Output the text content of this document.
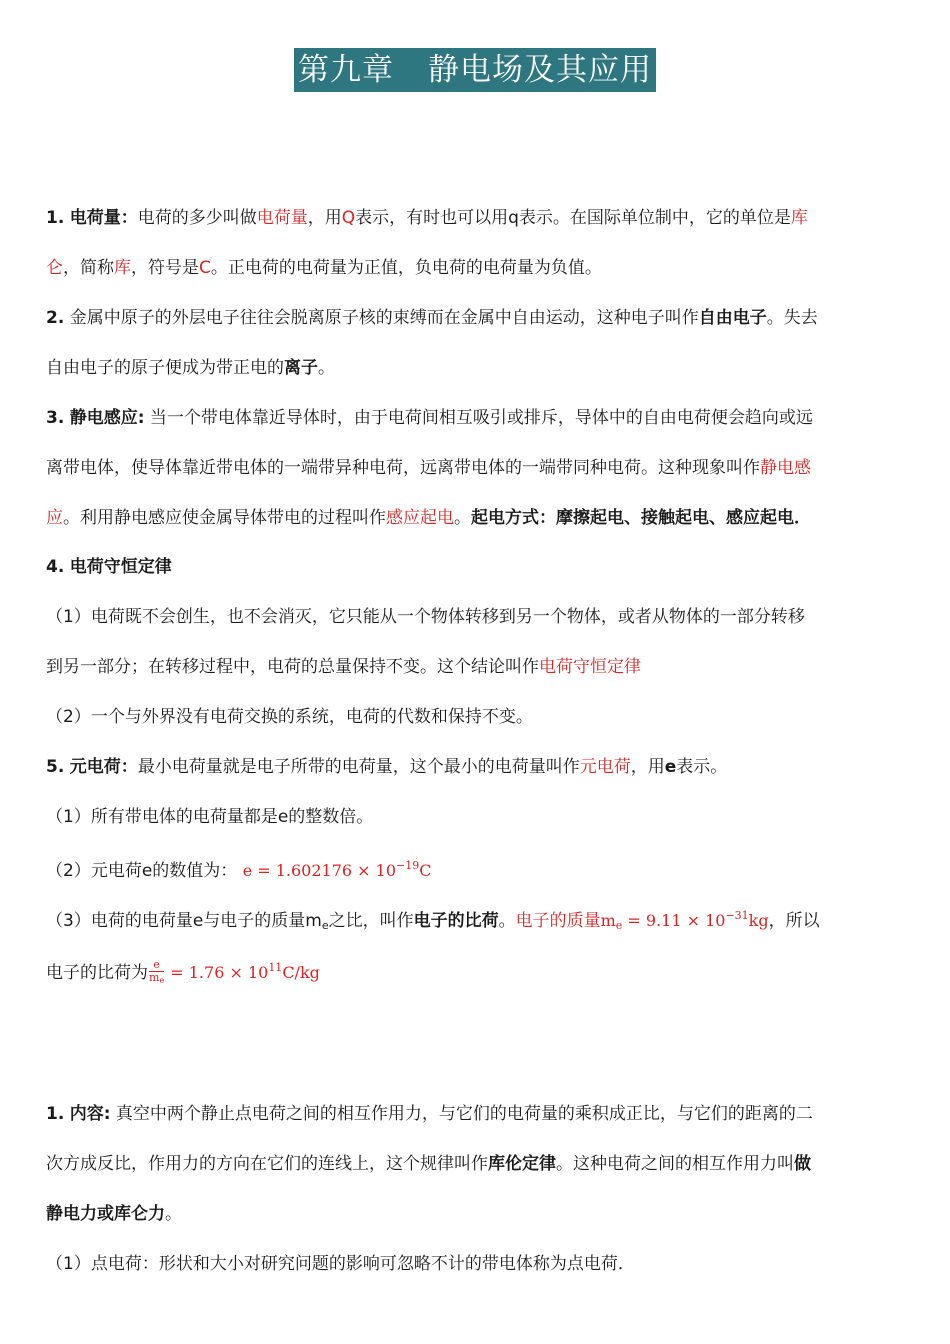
第九章 静电场及其应用
1. 电荷量：电荷的多少叫做电荷量，用Q表示，有时也可以用q表示。在国际单位制中，它的单位是库
仑，简称库，符号是C。正电荷的电荷量为正值，负电荷的电荷量为负值。
2. 金属中原子的外层电子往往会脱离原子核的束缚而在金属中自由运动，这种电子叫作自由电子。失去
自由电子的原子便成为带正电的离子。
3. 静电感应: 当一个带电体靠近导体时，由于电荷间相互吸引或排斥，导体中的自由电荷便会趋向或远
离带电体，使导体靠近带电体的一端带异种电荷，远离带电体的一端带同种电荷。这种现象叫作静电感
应。利用静电感应使金属导体带电的过程叫作感应起电。起电方式：摩擦起电、接触起电、感应起电．
4. 电荷守恒定律
（1）电荷既不会创生，也不会消灭，它只能从一个物体转移到另一个物体，或者从物体的一部分转移
到另一部分；在转移过程中，电荷的总量保持不变。这个结论叫作电荷守恒定律
（2）一个与外界没有电荷交换的系统，电荷的代数和保持不变。
5. 元电荷：最小电荷量就是电子所带的电荷量，这个最小的电荷量叫作元电荷，用e表示。
（1）所有带电体的电荷量都是e的整数倍。
（2）元电荷e的数值为： $e = 1.602176 \times 10^{-19}C$
（3）电荷的电荷量e与电子的质量$m_e$之比，叫作电子的比荷。电子的质量$m_e = 9.11 \times 10^{-31}kg$，所以
电子的比荷为 $\frac{e}{me} = 1.76 \times 10^{11}C/kg$
1. 内容: 真空中两个静止点电荷之间的相互作用力，与它们的电荷量的乘积成正比，与它们的距离的二
次方成反比，作用力的方向在它们的连线上，这个规律叫作库伦定律。这种电荷之间的相互作用力叫做
静电力或库仑力。
（1）点电荷：形状和大小对研究问题的影响可忽略不计的带电体称为点电荷．
